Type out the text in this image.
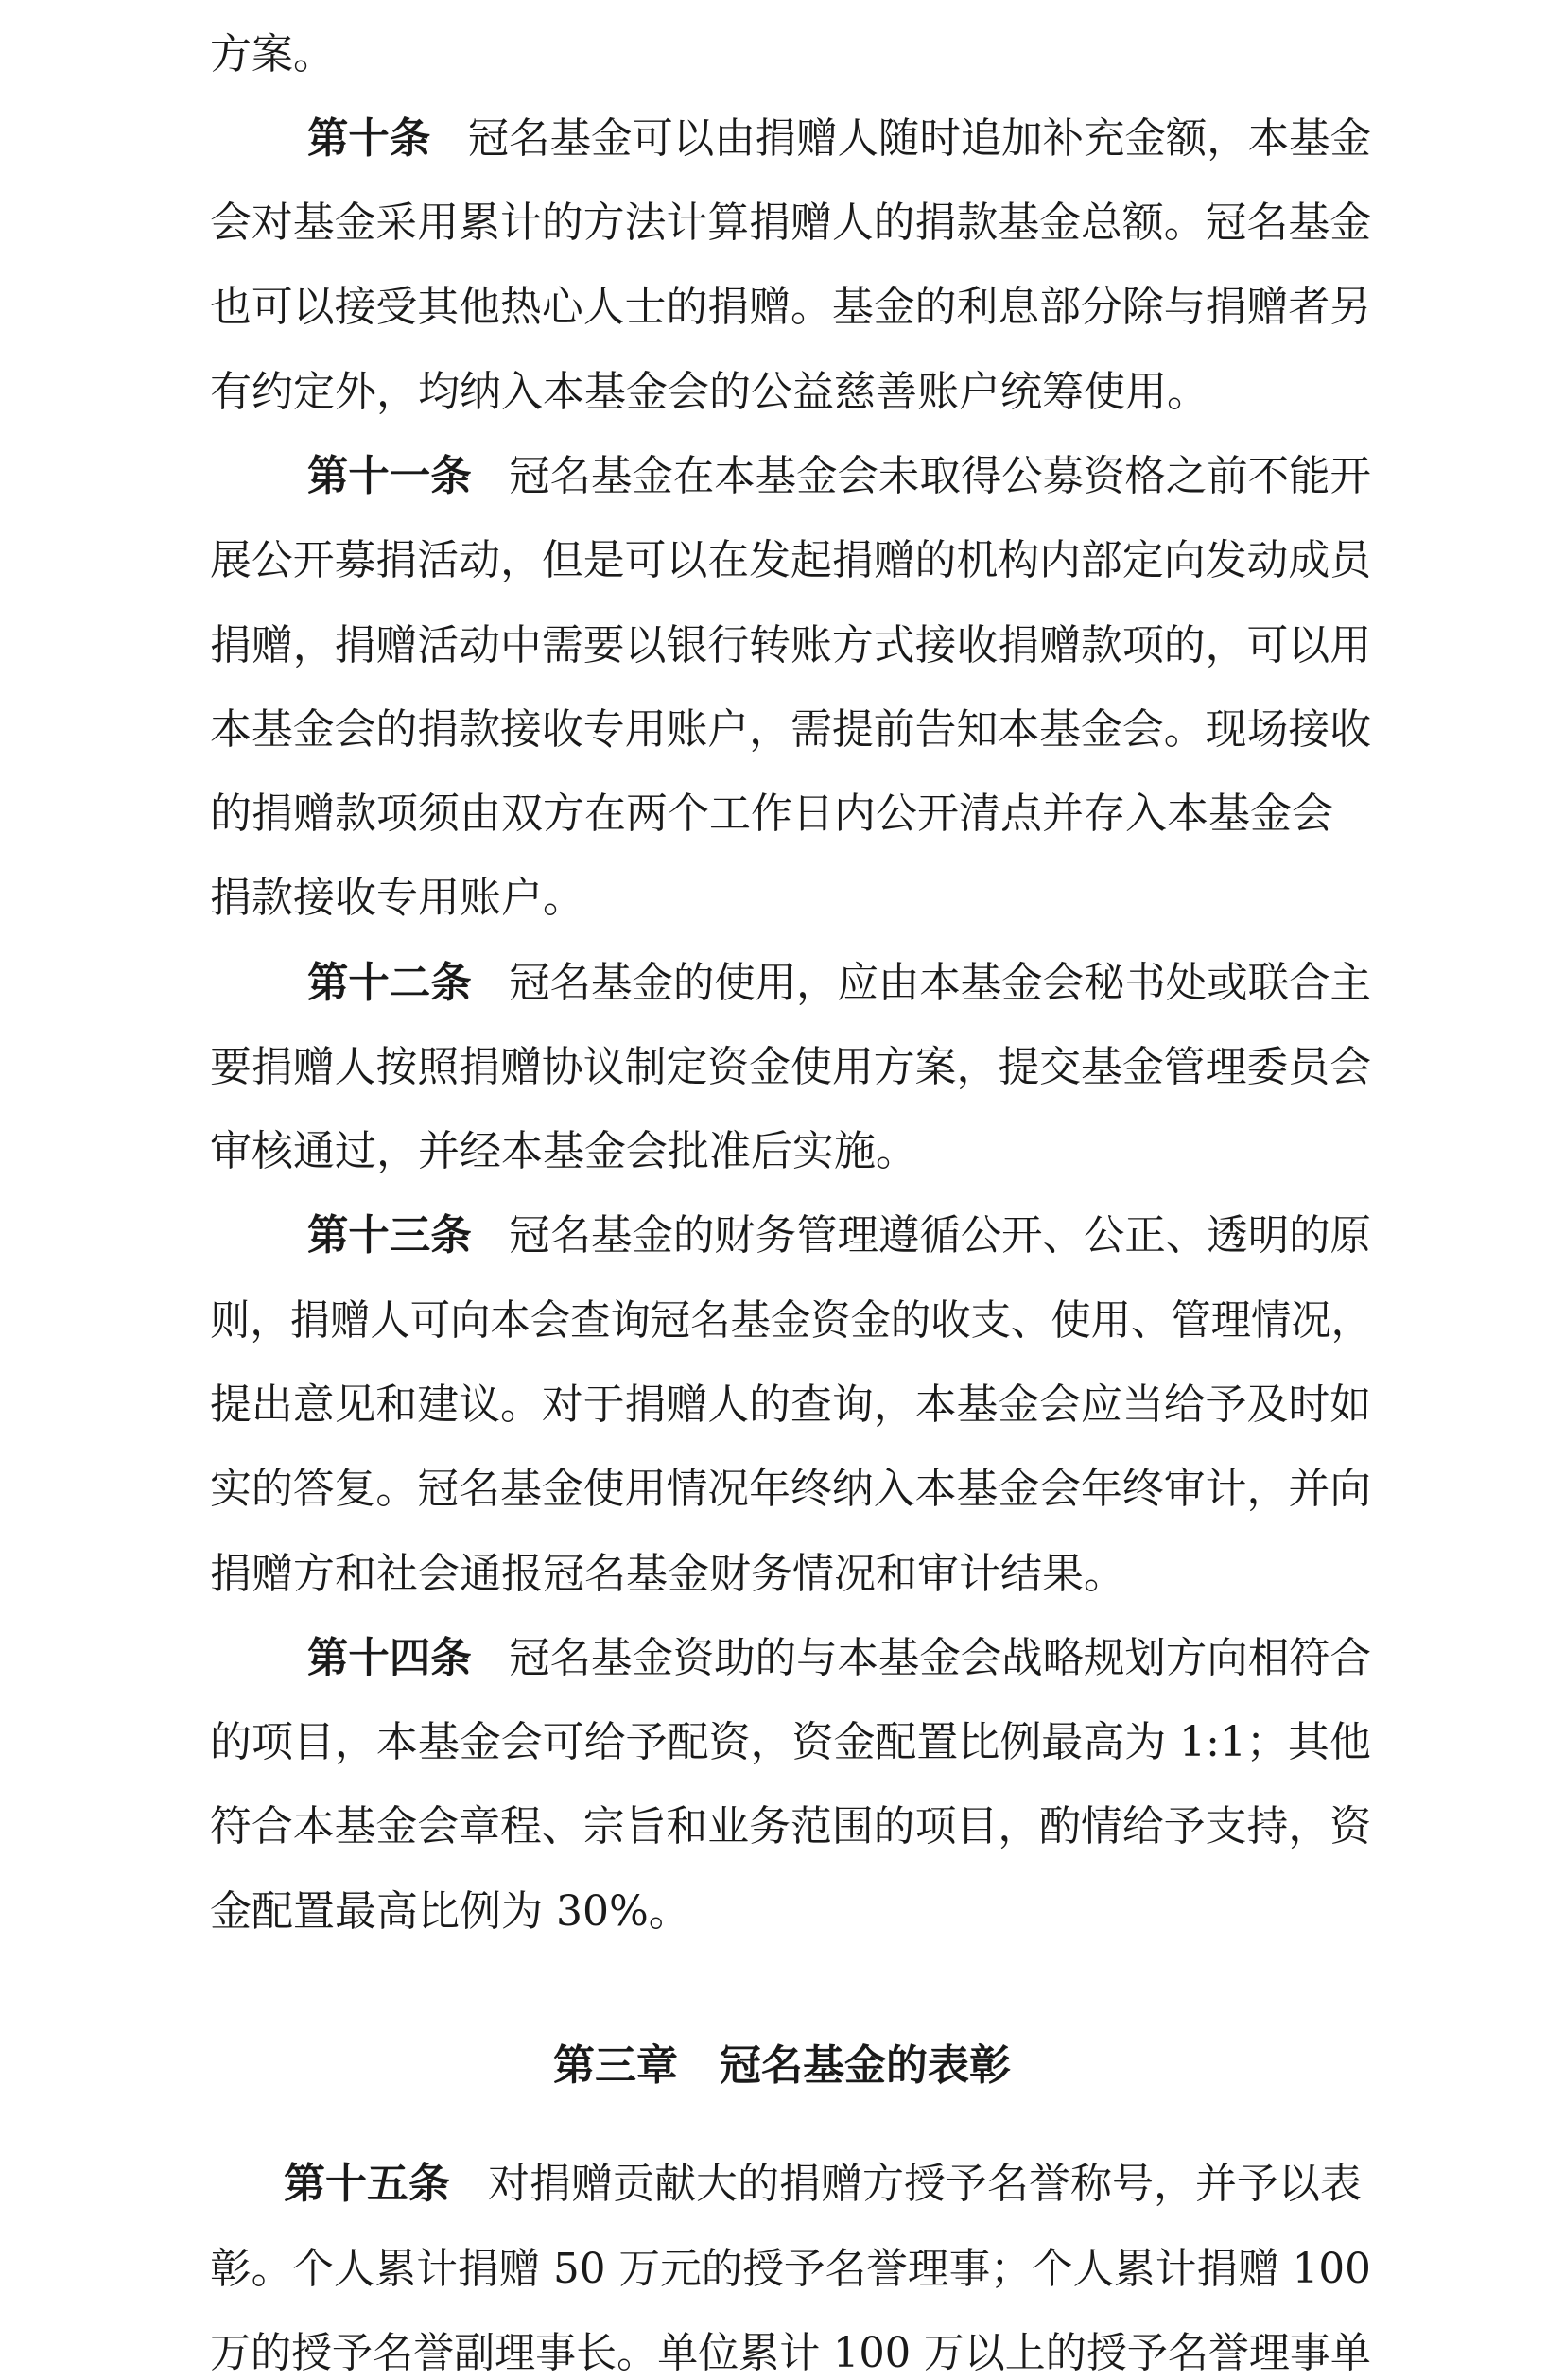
方案。
第十条 冠名基金可以由捐赠人随时追加补充金额，本基金
会对基金采用累计的方法计算捐赠人的捐款基金总额。冠名基金
也可以接受其他热心人士的捐赠。基金的利息部分除与捐赠者另
有约定外，均纳入本基金会的公益慈善账户统筹使用。
第十一条 冠名基金在本基金会未取得公募资格之前不能开
展公开募捐活动，但是可以在发起捐赠的机构内部定向发动成员
捐赠，捐赠活动中需要以银行转账方式接收捐赠款项的，可以用
本基金会的捐款接收专用账户，需提前告知本基金会。现场接收
的捐赠款项须由双方在两个工作日内公开清点并存入本基金会
捐款接收专用账户。
第十二条 冠名基金的使用，应由本基金会秘书处或联合主
要捐赠人按照捐赠协议制定资金使用方案，提交基金管理委员会
审核通过，并经本基金会批准后实施。
第十三条 冠名基金的财务管理遵循公开、公正、透明的原
则，捐赠人可向本会查询冠名基金资金的收支、使用、管理情况，
提出意见和建议。对于捐赠人的查询，本基金会应当给予及时如
实的答复。冠名基金使用情况年终纳入本基金会年终审计，并向
捐赠方和社会通报冠名基金财务情况和审计结果。
第十四条 冠名基金资助的与本基金会战略规划方向相符合
的项目，本基金会可给予配资，资金配置比例最高为 1:1；其他
符合本基金会章程、宗旨和业务范围的项目，酌情给予支持，资
金配置最高比例为 30%。
第三章 冠名基金的表彰
第十五条 对捐赠贡献大的捐赠方授予名誉称号，并予以表
彰。个人累计捐赠 50 万元的授予名誉理事；个人累计捐赠 100
万的授予名誉副理事长。单位累计 100 万以上的授予名誉理事单
